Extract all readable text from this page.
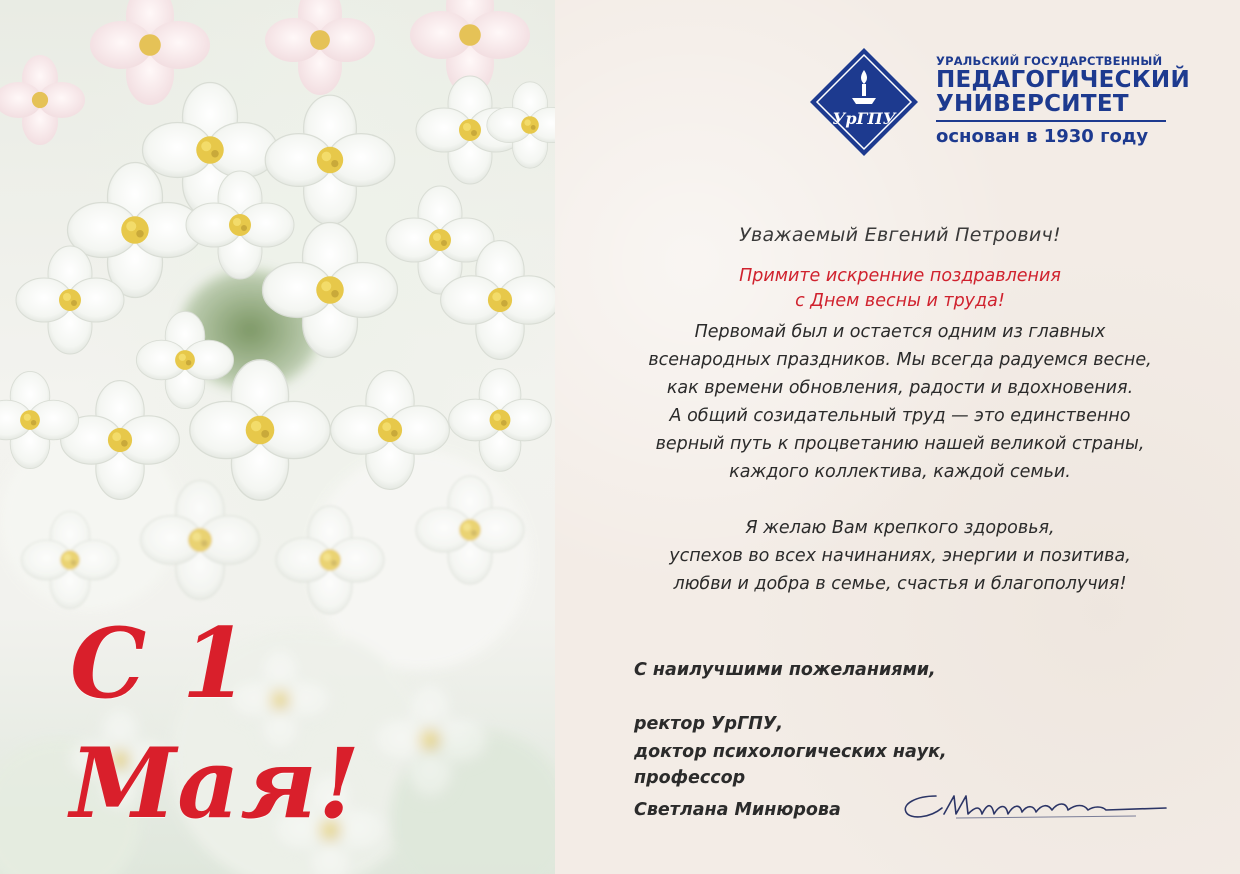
С 1 Мая!
УрГПУ
УРАЛЬСКИЙ ГОСУДАРСТВЕННЫЙ
ПЕДАГОГИЧЕСКИЙ
УНИВЕРСИТЕТ
основан в 1930 году
Уважаемый Евгений Петрович!
Примите искренние поздравления
с Днем весны и труда!
Первомай был и остается одним из главных
всенародных праздников. Мы всегда радуемся весне,
как времени обновления, радости и вдохновения.
А общий созидательный труд — это единственно
верный путь к процветанию нашей великой страны,
каждого коллектива, каждой семьи.
Я желаю Вам крепкого здоровья,
успехов во всех начинаниях, энергии и позитива,
любви и добра в семье, счастья и благополучия!
С наилучшими пожеланиями,
ректор УрГПУ,
доктор психологических наук,
профессор
Светлана Минюрова
